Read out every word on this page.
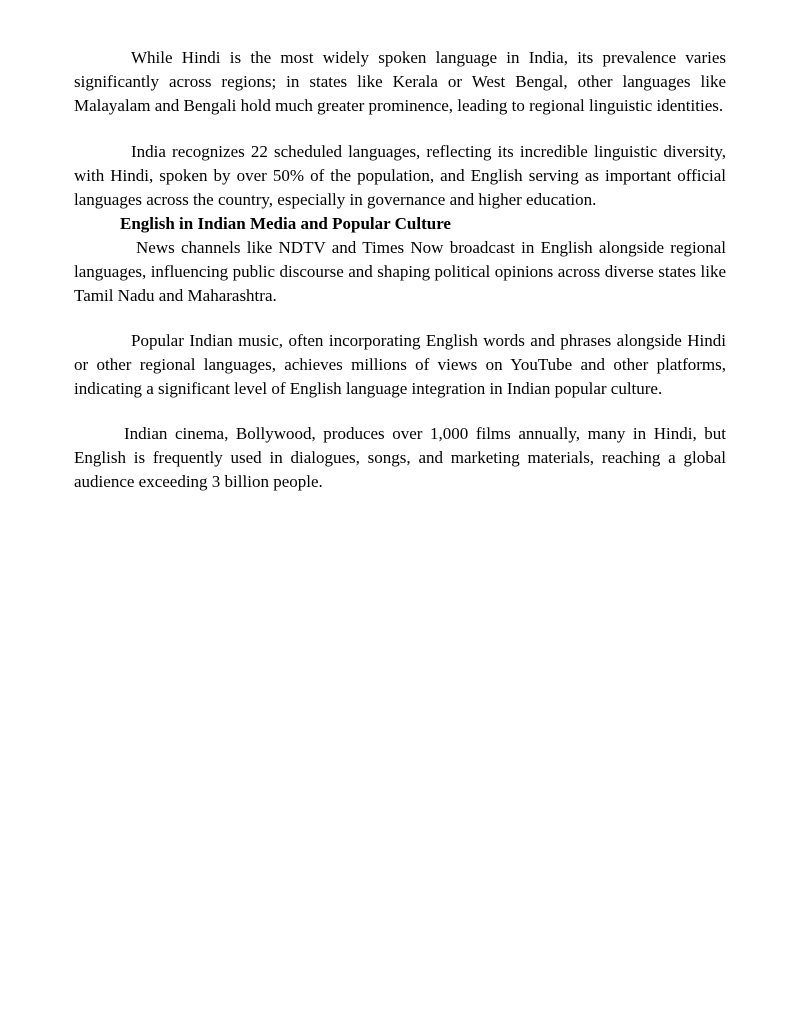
While Hindi is the most widely spoken language in India, its prevalence varies significantly across regions; in states like Kerala or West Bengal, other languages like Malayalam and Bengali hold much greater prominence, leading to regional linguistic identities.

India recognizes 22 scheduled languages, reflecting its incredible linguistic diversity, with Hindi, spoken by over 50% of the population, and English serving as important official languages across the country, especially in governance and higher education.

English in Indian Media and Popular Culture

News channels like NDTV and Times Now broadcast in English alongside regional languages, influencing public discourse and shaping political opinions across diverse states like Tamil Nadu and Maharashtra.

Popular Indian music, often incorporating English words and phrases alongside Hindi or other regional languages, achieves millions of views on YouTube and other platforms, indicating a significant level of English language integration in Indian popular culture.

Indian cinema, Bollywood, produces over 1,000 films annually, many in Hindi, but English is frequently used in dialogues, songs, and marketing materials, reaching a global audience exceeding 3 billion people.
